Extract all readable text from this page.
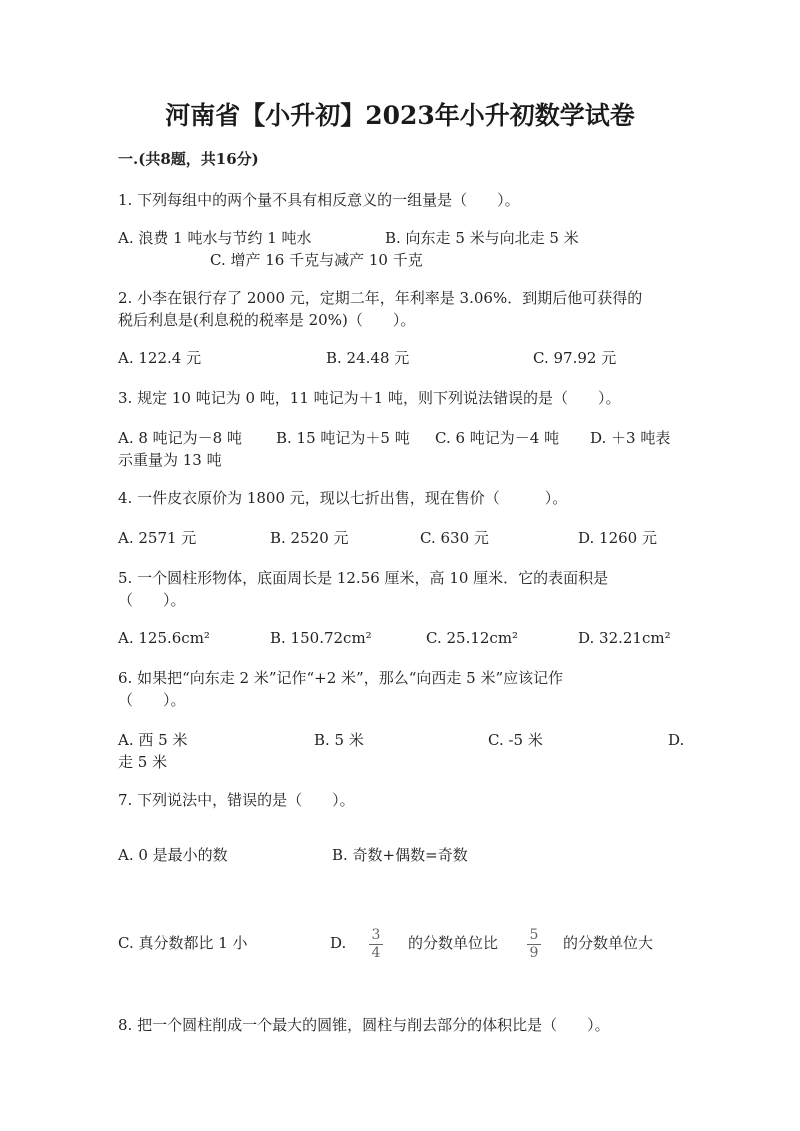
河南省【小升初】2023年小升初数学试卷
一.(共8题，共16分)
1. 下列每组中的两个量不具有相反意义的一组量是（　　）。
A. 浪费 1 吨水与节约 1 吨水	B. 向东走 5 米与向北走 5 米
C. 增产 16 千克与减产 10 千克
2. 小李在银行存了 2000 元，定期二年，年利率是 3.06%．到期后他可获得的
税后利息是(利息税的税率是 20%)（　　）。
A. 122.4 元	B. 24.48 元	C. 97.92 元
3. 规定 10 吨记为 0 吨，11 吨记为＋1 吨，则下列说法错误的是（　　）。
A. 8 吨记为－8 吨 B. 15 吨记为＋5 吨 C. 6 吨记为－4 吨 D. ＋3 吨表
示重量为 13 吨
4. 一件皮衣原价为 1800 元，现以七折出售，现在售价（　　　）。
A. 2571 元	B. 2520 元	C. 630 元	D. 1260 元
5. 一个圆柱形物体，底面周长是 12.56 厘米，高 10 厘米．它的表面积是
（　　）。
A. 125.6cm²	B. 150.72cm²	C. 25.12cm²	D. 32.21cm²
6. 如果把“向东走 2 米”记作“+2 米”，那么“向西走 5 米”应该记作
（　　）。
A. 西 5 米	B. 5 米	C. -5 米	D.
走 5 米
7. 下列说法中，错误的是（　　）。
A. 0 是最小的数	B. 奇数+偶数=奇数
C. 真分数都比 1 小	D. 3
4
的分数单位比 5
9
的分数单位大
8. 把一个圆柱削成一个最大的圆锥，圆柱与削去部分的体积比是（　　）。
